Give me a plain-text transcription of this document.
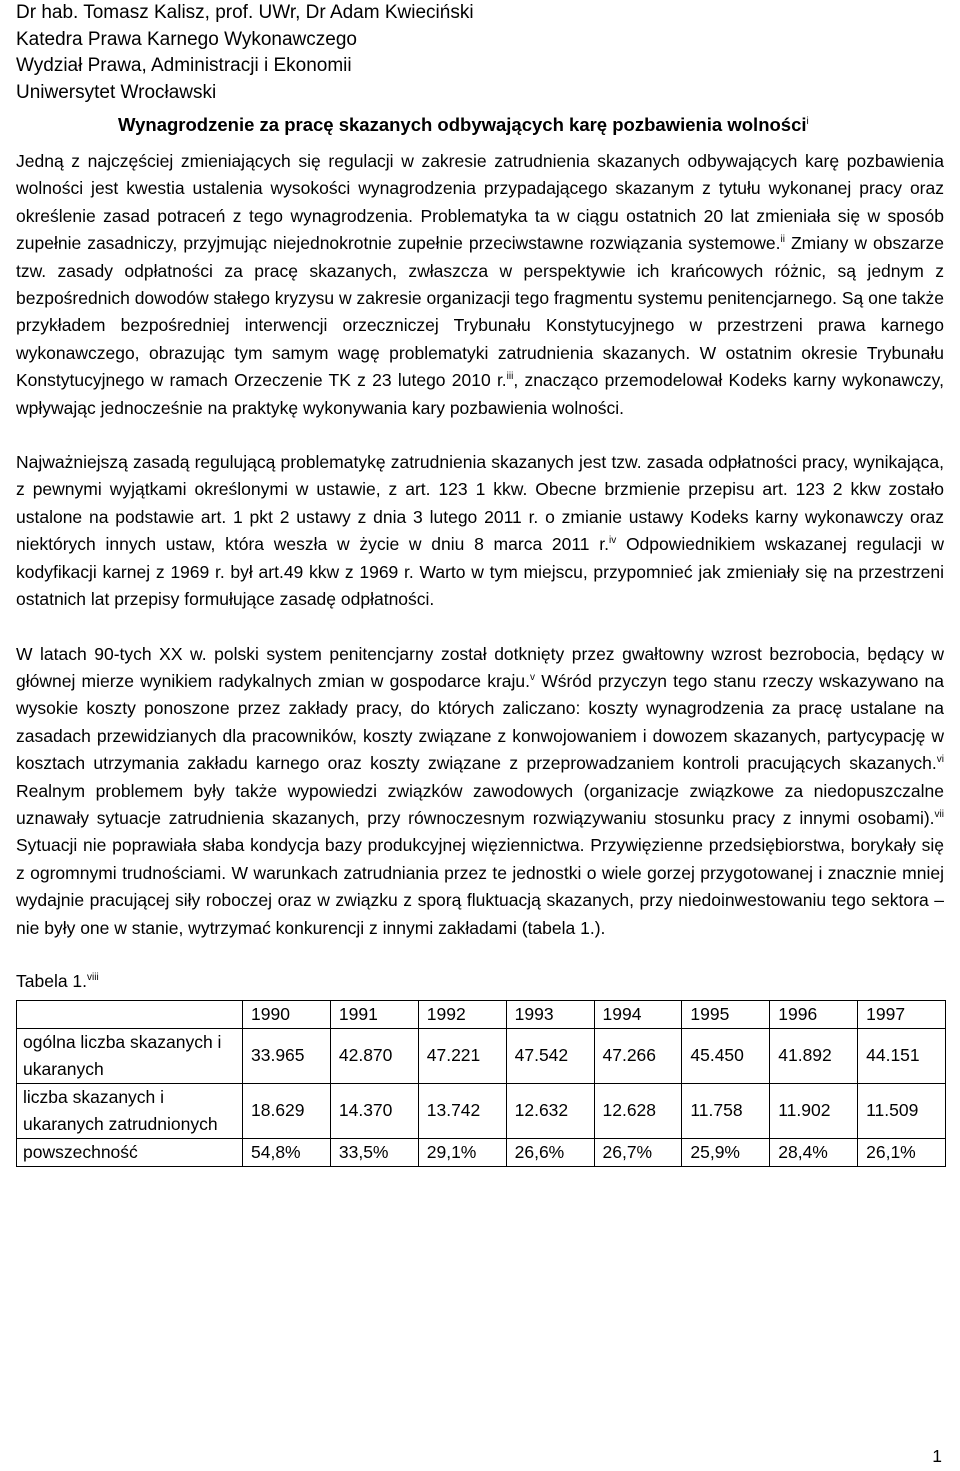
Dr hab. Tomasz Kalisz, prof. UWr, Dr Adam Kwieciński
Katedra Prawa Karnego Wykonawczego
Wydział Prawa, Administracji i Ekonomii
Uniwersytet Wrocławski
Wynagrodzenie za pracę skazanych odbywających karę pozbawienia wolności$^i$

Jedną z najczęściej zmieniających się regulacji w zakresie zatrudnienia skazanych odbywających karę pozbawienia wolności jest kwestia ustalenia wysokości wynagrodzenia przypadającego skazanym z tytułu wykonanej pracy oraz określenie zasad potraceń z tego wynagrodzenia. Problematyka ta w ciągu ostatnich 20 lat zmieniała się w sposób zupełnie zasadniczy, przyjmując niejednokrotnie zupełnie przeciwstawne rozwiązania systemowe.$^{ii}$ Zmiany w obszarze tzw. zasady odpłatności za pracę skazanych, zwłaszcza w perspektywie ich krańcowych różnic, są jednym z bezpośrednich dowodów stałego kryzysu w zakresie organizacji tego fragmentu systemu penitencjarnego. Są one także przykładem bezpośredniej interwencji orzeczniczej Trybunału Konstytucyjnego w przestrzeni prawa karnego wykonawczego, obrazując tym samym wagę problematyki zatrudnienia skazanych. W ostatnim okresie Trybunału Konstytucyjnego w ramach Orzeczenie TK z 23 lutego 2010 r.$^{iii}$, znacząco przemodelował Kodeks karny wykonawczy, wpływając jednocześnie na praktykę wykonywania kary pozbawienia wolności.

Najważniejszą zasadą regulującą problematykę zatrudnienia skazanych jest tzw. zasada odpłatności pracy, wynikająca, z pewnymi wyjątkami określonymi w ustawie, z art. 123 1 kkw. Obecne brzmienie przepisu art. 123 2 kkw zostało ustalone na podstawie art. 1 pkt 2 ustawy z dnia 3 lutego 2011 r. o zmianie ustawy Kodeks karny wykonawczy oraz niektórych innych ustaw, która weszła w życie w dniu 8 marca 2011 r.$^{iv}$ Odpowiednikiem wskazanej regulacji w kodyfikacji karnej z 1969 r. był art.49 kkw z 1969 r. Warto w tym miejscu, przypomnieć jak zmieniały się na przestrzeni ostatnich lat przepisy formułujące zasadę odpłatności.

W latach 90-tych XX w. polski system penitencjarny został dotknięty przez gwałtowny wzrost bezrobocia, będący w głównej mierze wynikiem radykalnych zmian w gospodarce kraju.$^v$ Wśród przyczyn tego stanu rzeczy wskazywano na wysokie koszty ponoszone przez zakłady pracy, do których zaliczano: koszty wynagrodzenia za pracę ustalane na zasadach przewidzianych dla pracowników, koszty związane z konwojowaniem i dowozem skazanych, partycypację w kosztach utrzymania zakładu karnego oraz koszty związane z przeprowadzaniem kontroli pracujących skazanych.$^{vi}$ Realnym problemem były także wypowiedzi związków zawodowych (organizacje związkowe za niedopuszczalne uznawały sytuacje zatrudnienia skazanych, przy równoczesnym rozwiązywaniu stosunku pracy z innymi osobami).$^{vii}$ Sytuacji nie poprawiała słaba kondycja bazy produkcyjnej więziennictwa. Przywięzienne przedsiębiorstwa, borykały się z ogromnymi trudnościami. W warunkach zatrudniania przez te jednostki o wiele gorzej przygotowanej i znacznie mniej wydajnie pracującej siły roboczej oraz w związku z sporą fluktuacją skazanych, przy niedoinwestowaniu tego sektora – nie były one w stanie, wytrzymać konkurencji z innymi zakładami (tabela 1.).

Tabela 1.$^{viii}$
	1990	1991	1992	1993	1994	1995	1996	1997
ogólna liczba skazanych i ukaranych	33.965	42.870	47.221	47.542	47.266	45.450	41.892	44.151
liczba skazanych i ukaranych zatrudnionych	18.629	14.370	13.742	12.632	12.628	11.758	11.902	11.509
powszechność	54,8%	33,5%	29,1%	26,6%	26,7%	25,9%	28,4%	26,1%
1
